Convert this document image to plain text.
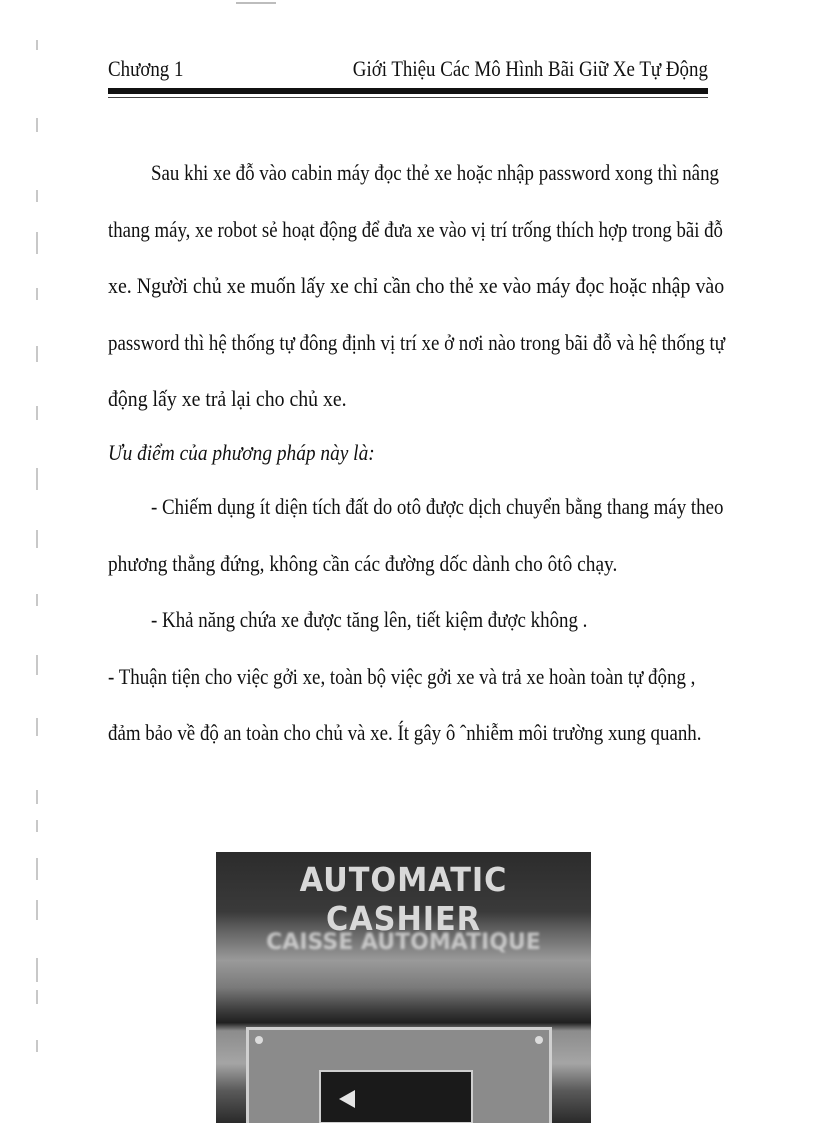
Chương 1	Giới Thiệu Các Mô Hình Bãi Giữ Xe Tự Động
Sau khi xe đỗ vào cabin máy đọc thẻ xe hoặc nhập password xong thì nâng
thang máy, xe robot sẻ hoạt động để đưa xe vào vị trí trống thích hợp trong bãi đỗ
xe. Người chủ xe muốn lấy xe chỉ cần cho thẻ xe vào máy đọc hoặc nhập vào
password thì hệ thống tự đông định vị trí xe ở nơi nào trong bãi đỗ và hệ thống tự
động lấy xe trả lại cho chủ xe.
Ưu điểm của phương pháp này là:
- Chiếm dụng ít diện tích đất do otô được dịch chuyển bằng thang máy theo
phương thẳng đứng, không cần các đường dốc dành cho ôtô chạy.
- Khả năng chứa xe được tăng lên, tiết kiệm được không .
- Thuận tiện cho việc gởi xe, toàn bộ việc gởi xe và trả xe hoàn toàn tự động ,
đảm bảo về độ an toàn cho chủ và xe. Ít gây ô ˆnhiễm môi trường xung quanh.
AUTOMATIC CASHIER
CAISSE AUTOMATIQUE
